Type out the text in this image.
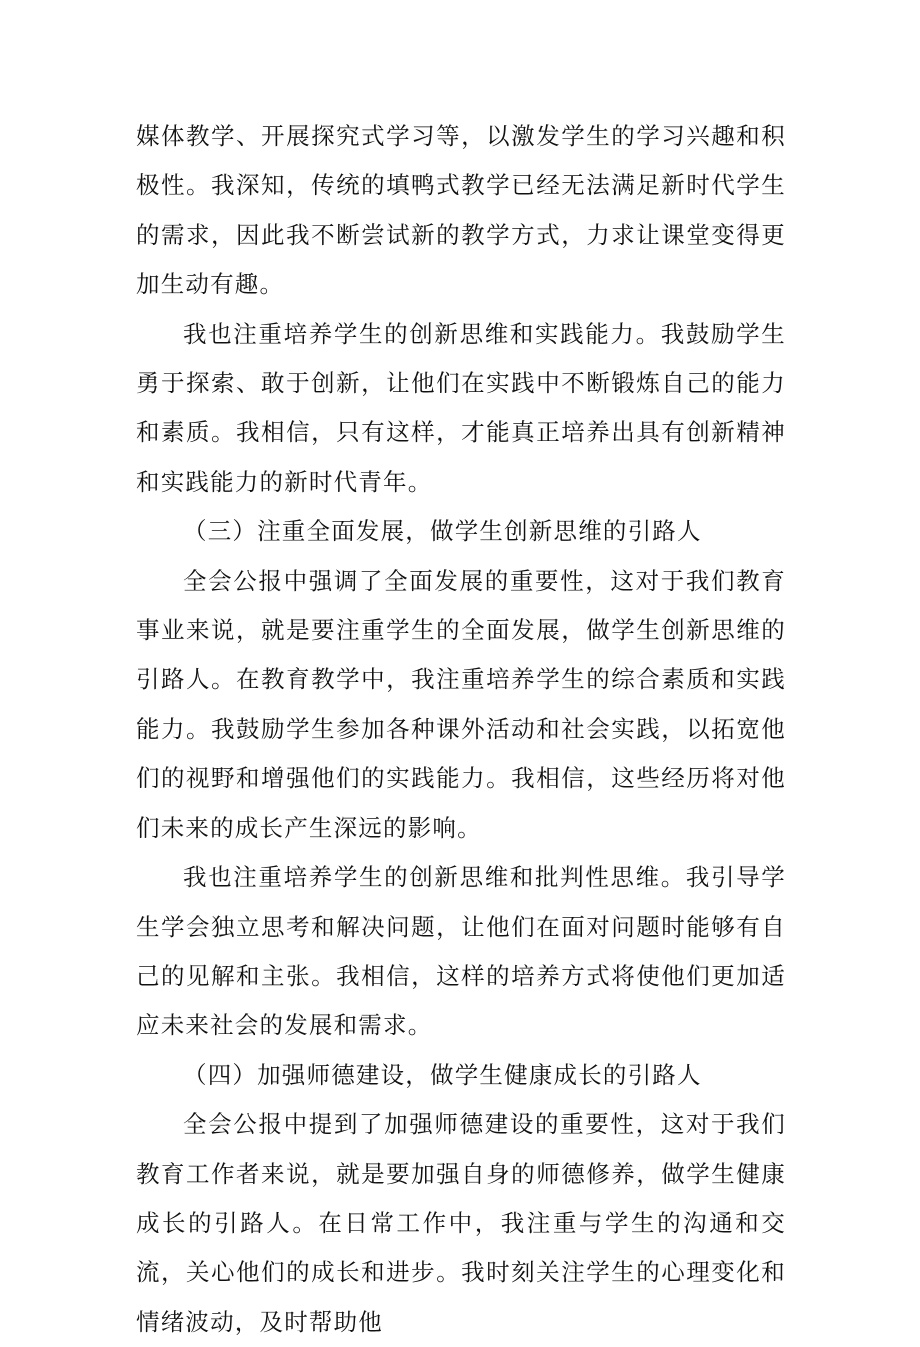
媒体教学、开展探究式学习等，以激发学生的学习兴趣和积极性。我深知，传统的填鸭式教学已经无法满足新时代学生的需求，因此我不断尝试新的教学方式，力求让课堂变得更加生动有趣。

我也注重培养学生的创新思维和实践能力。我鼓励学生勇于探索、敢于创新，让他们在实践中不断锻炼自己的能力和素质。我相信，只有这样，才能真正培养出具有创新精神和实践能力的新时代青年。

（三）注重全面发展，做学生创新思维的引路人

全会公报中强调了全面发展的重要性，这对于我们教育事业来说，就是要注重学生的全面发展，做学生创新思维的引路人。在教育教学中，我注重培养学生的综合素质和实践能力。我鼓励学生参加各种课外活动和社会实践，以拓宽他们的视野和增强他们的实践能力。我相信，这些经历将对他们未来的成长产生深远的影响。

我也注重培养学生的创新思维和批判性思维。我引导学生学会独立思考和解决问题，让他们在面对问题时能够有自己的见解和主张。我相信，这样的培养方式将使他们更加适应未来社会的发展和需求。

（四）加强师德建设，做学生健康成长的引路人

全会公报中提到了加强师德建设的重要性，这对于我们教育工作者来说，就是要加强自身的师德修养，做学生健康成长的引路人。在日常工作中，我注重与学生的沟通和交流，关心他们的成长和进步。我时刻关注学生的心理变化和情绪波动，及时帮助他
